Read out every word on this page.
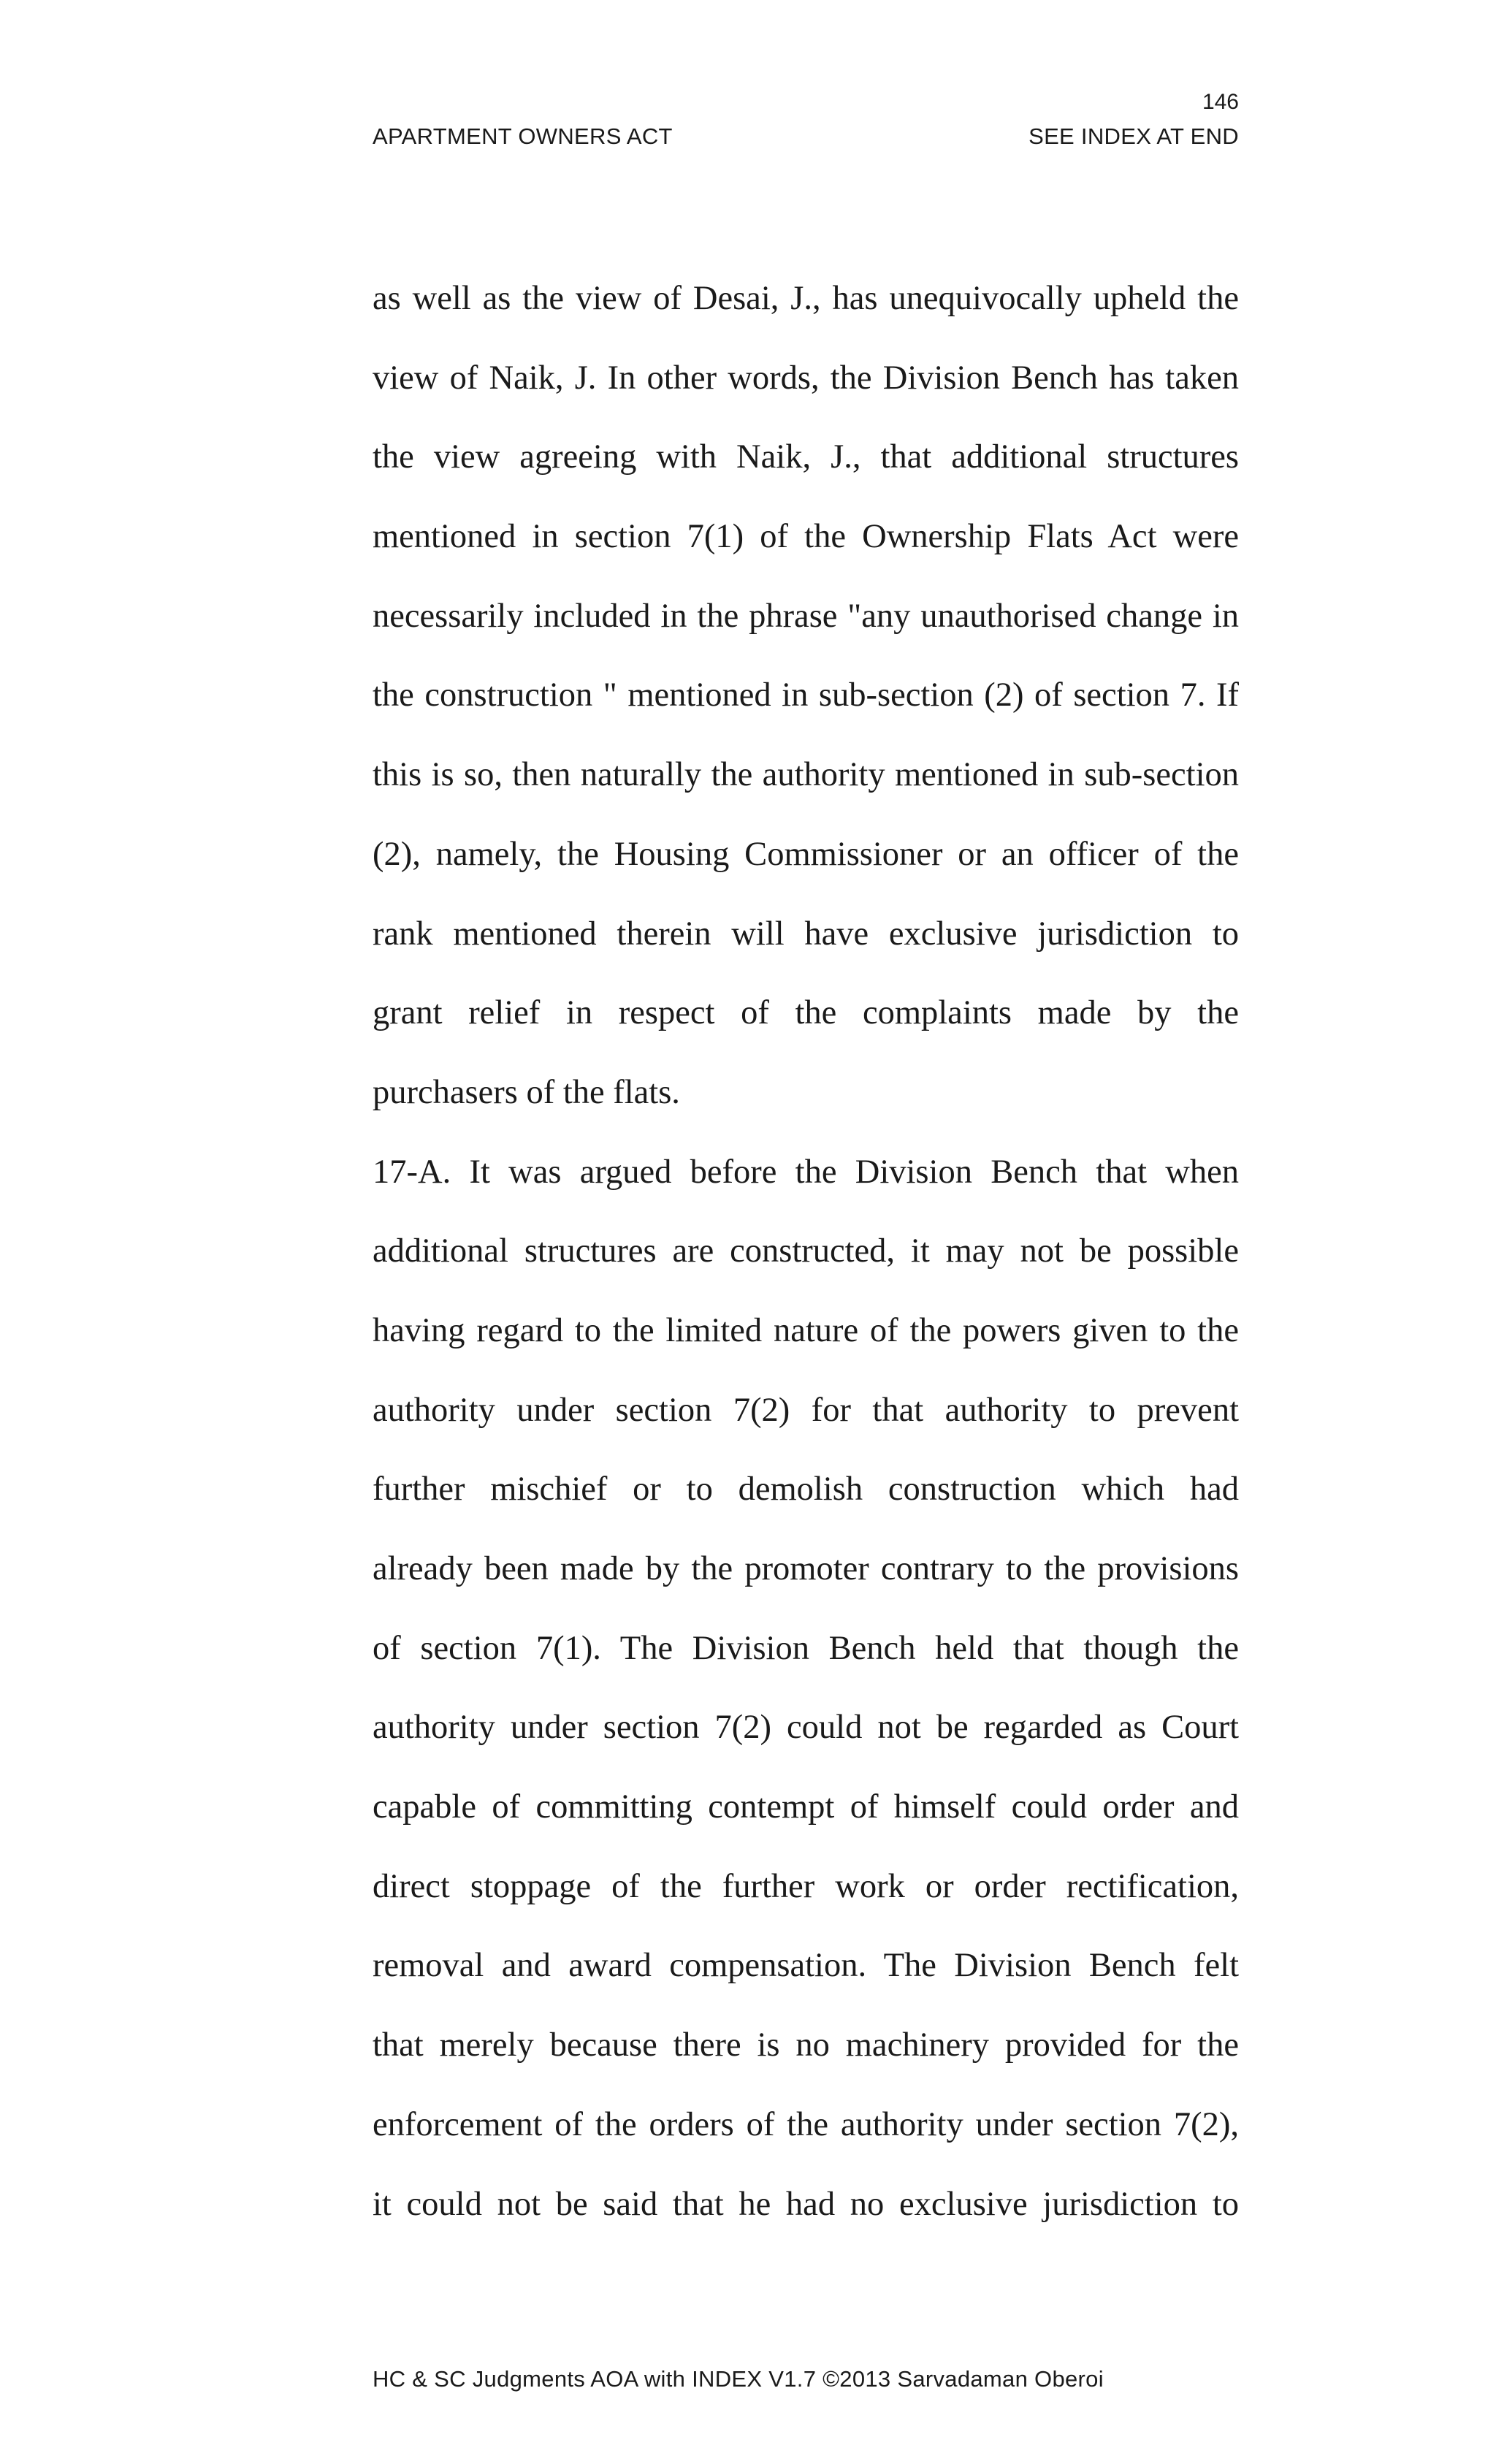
146
APARTMENT OWNERS ACT	SEE INDEX AT END
as well as the view of Desai, J., has unequivocally upheld the
view of Naik, J. In other words, the Division Bench has taken
the view agreeing with Naik, J., that additional structures
mentioned in section 7(1) of the Ownership Flats Act were
necessarily included in the phrase "any unauthorised change in
the construction " mentioned in sub-section (2) of section 7. If
this is so, then naturally the authority mentioned in sub-section
(2), namely, the Housing Commissioner or an officer of the
rank mentioned therein will have exclusive jurisdiction to
grant relief in respect of the complaints made by the
purchasers of the flats.
17-A. It was argued before the Division Bench that when
additional structures are constructed, it may not be possible
having regard to the limited nature of the powers given to the
authority under section 7(2) for that authority to prevent
further mischief or to demolish construction which had
already been made by the promoter contrary to the provisions
of section 7(1). The Division Bench held that though the
authority under section 7(2) could not be regarded as Court
capable of committing contempt of himself could order and
direct stoppage of the further work or order rectification,
removal and award compensation. The Division Bench felt
that merely because there is no machinery provided for the
enforcement of the orders of the authority under section 7(2),
it could not be said that he had no exclusive jurisdiction to
HC & SC Judgments AOA with INDEX V1.7 ©2013 Sarvadaman Oberoi
